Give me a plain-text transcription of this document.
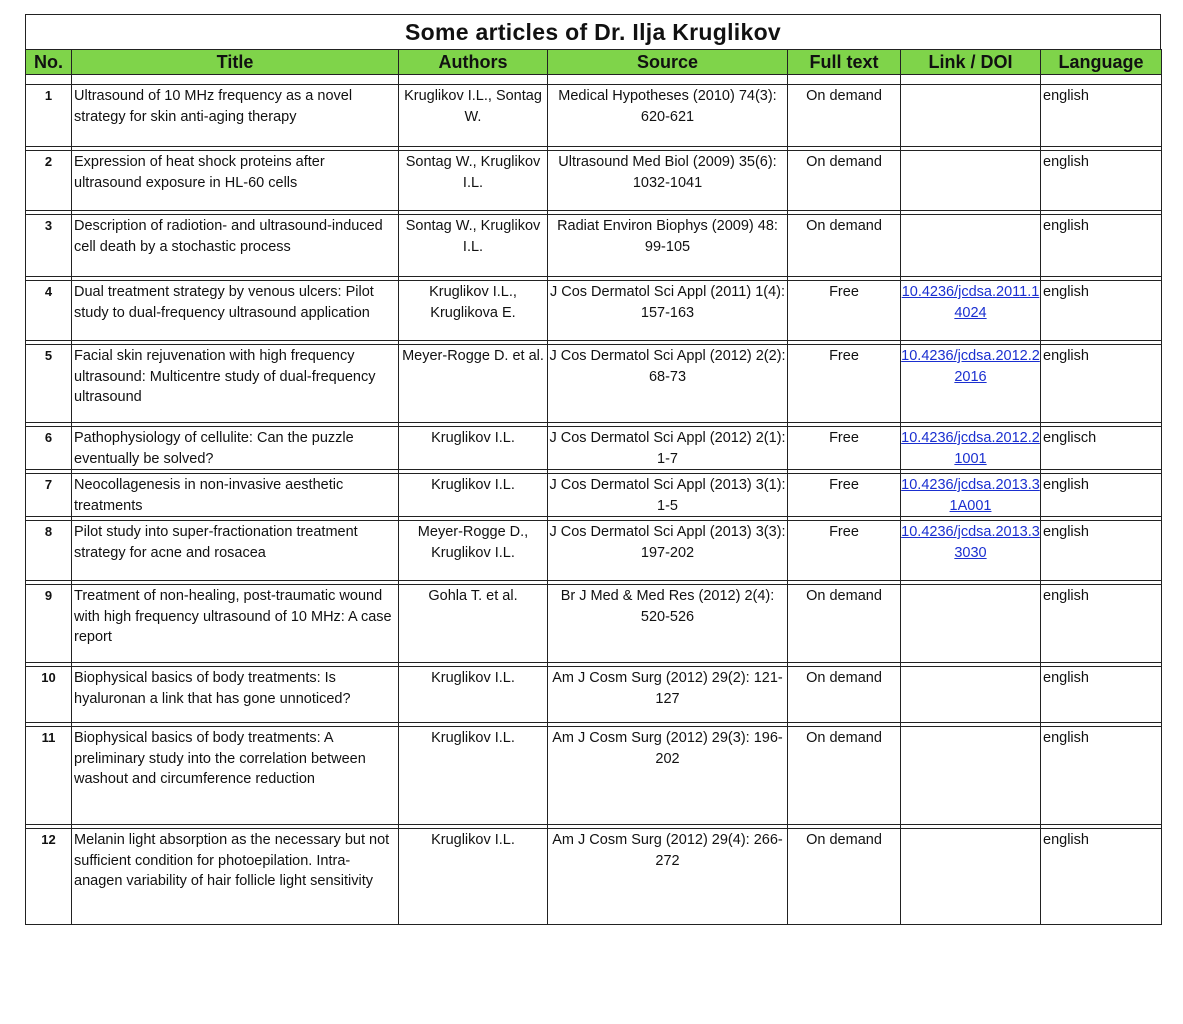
Some articles of Dr. Ilja Kruglikov
No.	Title	Authors	Source	Full text	Link / DOI	Language

1	Ultrasound of 10 MHz frequency as a novel strategy for skin anti-aging therapy	Kruglikov I.L., Sontag W.	Medical Hypotheses (2010) 74(3): 620-621	On demand		english

2	Expression of heat shock proteins after ultrasound exposure in HL-60 cells	Sontag W., Kruglikov I.L.	Ultrasound Med Biol (2009) 35(6): 1032-1041	On demand		english

3	Description of radiotion- and ultrasound-induced cell death by a stochastic process	Sontag W., Kruglikov I.L.	Radiat Environ Biophys (2009) 48: 99-105	On demand		english

4	Dual treatment strategy by venous ulcers: Pilot study to dual-frequency ultrasound application	Kruglikov I.L., Kruglikova E.	J Cos Dermatol Sci Appl (2011) 1(4): 157-163	Free	10.4236/jcdsa.2011.14024	english

5	Facial skin rejuvenation with high frequency ultrasound: Multicentre study of dual-frequency ultrasound	Meyer-Rogge D. et al.	J Cos Dermatol Sci Appl (2012) 2(2): 68-73	Free	10.4236/jcdsa.2012.22016	english

6	Pathophysiology of cellulite: Can the puzzle eventually be solved?	Kruglikov I.L.	J Cos Dermatol Sci Appl (2012) 2(1): 1-7	Free	10.4236/jcdsa.2012.21001	englisch

7	Neocollagenesis in non-invasive aesthetic treatments	Kruglikov I.L.	J Cos Dermatol Sci Appl (2013) 3(1): 1-5	Free	10.4236/jcdsa.2013.31A001	english

8	Pilot study into super-fractionation treatment strategy for acne and rosacea	Meyer-Rogge D., Kruglikov I.L.	J Cos Dermatol Sci Appl (2013) 3(3): 197-202	Free	10.4236/jcdsa.2013.33030	english

9	Treatment of non-healing, post-traumatic wound with high frequency ultrasound of 10 MHz: A case report	Gohla T. et al.	Br J Med & Med Res (2012) 2(4): 520-526	On demand		english

10	Biophysical basics of body treatments: Is hyaluronan a link that has gone unnoticed?	Kruglikov I.L.	Am J Cosm Surg (2012) 29(2): 121-127	On demand		english

11	Biophysical basics of body treatments: A preliminary study into the correlation between washout and circumference reduction	Kruglikov I.L.	Am J Cosm Surg (2012) 29(3): 196-202	On demand		english

12	Melanin light absorption as the necessary but not sufficient condition for photoepilation. Intra-anagen variability of hair follicle light sensitivity	Kruglikov I.L.	Am J Cosm Surg (2012) 29(4): 266-272	On demand		english
